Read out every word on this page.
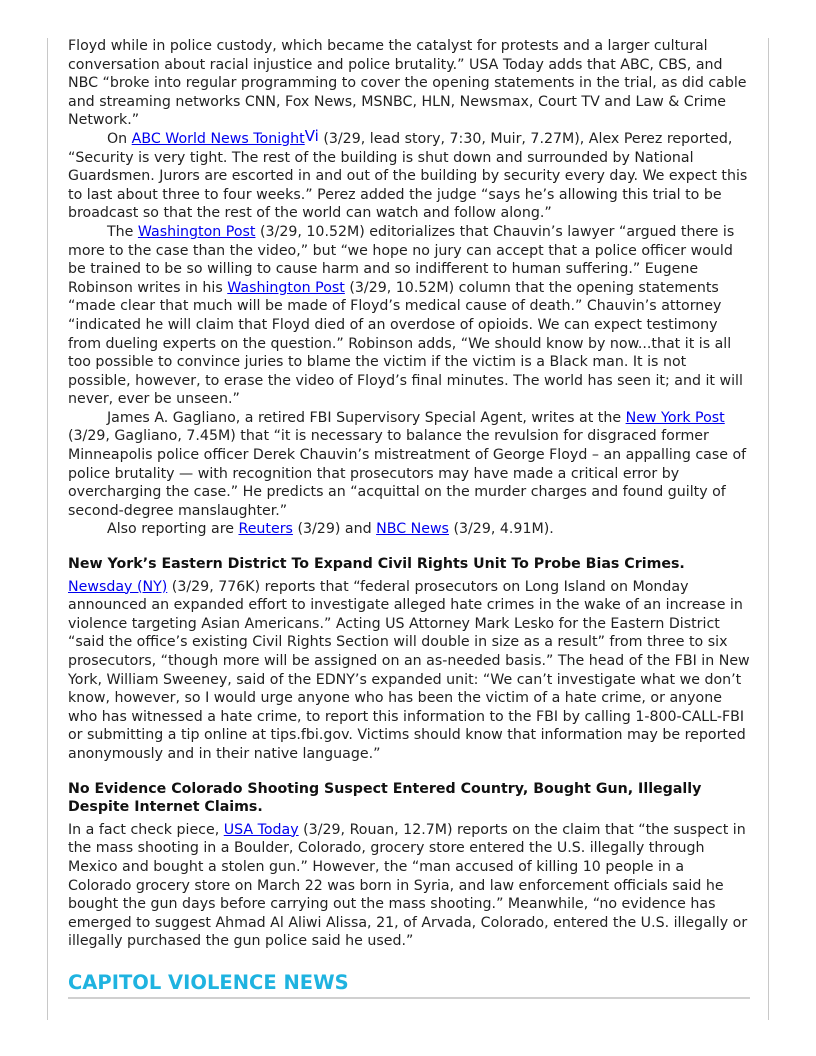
Floyd while in police custody, which became the catalyst for protests and a larger cultural conversation about racial injustice and police brutality.” USA Today adds that ABC, CBS, and NBC “broke into regular programming to cover the opening statements in the trial, as did cable and streaming networks CNN, Fox News, MSNBC, HLN, Newsmax, Court TV and Law & Crime Network.”

On ABC World News Tonight$^{Vi}$ (3/29, lead story, 7:30, Muir, 7.27M), Alex Perez reported, “Security is very tight. The rest of the building is shut down and surrounded by National Guardsmen. Jurors are escorted in and out of the building by security every day. We expect this to last about three to four weeks.” Perez added the judge “says he’s allowing this trial to be broadcast so that the rest of the world can watch and follow along.”

The Washington Post (3/29, 10.52M) editorializes that Chauvin’s lawyer “argued there is more to the case than the video,” but “we hope no jury can accept that a police officer would be trained to be so willing to cause harm and so indifferent to human suffering.” Eugene Robinson writes in his Washington Post (3/29, 10.52M) column that the opening statements “made clear that much will be made of Floyd’s medical cause of death.” Chauvin’s attorney “indicated he will claim that Floyd died of an overdose of opioids. We can expect testimony from dueling experts on the question.” Robinson adds, “We should know by now...that it is all too possible to convince juries to blame the victim if the victim is a Black man. It is not possible, however, to erase the video of Floyd’s final minutes. The world has seen it; and it will never, ever be unseen.”

James A. Gagliano, a retired FBI Supervisory Special Agent, writes at the New York Post (3/29, Gagliano, 7.45M) that “it is necessary to balance the revulsion for disgraced former Minneapolis police officer Derek Chauvin’s mistreatment of George Floyd – an appalling case of police brutality — with recognition that prosecutors may have made a critical error by overcharging the case.” He predicts an “acquittal on the murder charges and found guilty of second-degree manslaughter.”

Also reporting are Reuters (3/29) and NBC News (3/29, 4.91M).

New York’s Eastern District To Expand Civil Rights Unit To Probe Bias Crimes.

Newsday (NY) (3/29, 776K) reports that “federal prosecutors on Long Island on Monday announced an expanded effort to investigate alleged hate crimes in the wake of an increase in violence targeting Asian Americans.” Acting US Attorney Mark Lesko for the Eastern District “said the office’s existing Civil Rights Section will double in size as a result” from three to six prosecutors, “though more will be assigned on an as-needed basis.” The head of the FBI in New York, William Sweeney, said of the EDNY’s expanded unit: “We can’t investigate what we don’t know, however, so I would urge anyone who has been the victim of a hate crime, or anyone who has witnessed a hate crime, to report this information to the FBI by calling 1-800-CALL-FBI or submitting a tip online at tips.fbi.gov. Victims should know that information may be reported anonymously and in their native language.”

No Evidence Colorado Shooting Suspect Entered Country, Bought Gun, Illegally Despite Internet Claims.

In a fact check piece, USA Today (3/29, Rouan, 12.7M) reports on the claim that “the suspect in the mass shooting in a Boulder, Colorado, grocery store entered the U.S. illegally through Mexico and bought a stolen gun.” However, the “man accused of killing 10 people in a Colorado grocery store on March 22 was born in Syria, and law enforcement officials said he bought the gun days before carrying out the mass shooting.” Meanwhile, “no evidence has emerged to suggest Ahmad Al Aliwi Alissa, 21, of Arvada, Colorado, entered the U.S. illegally or illegally purchased the gun police said he used.”

CAPITOL VIOLENCE NEWS
